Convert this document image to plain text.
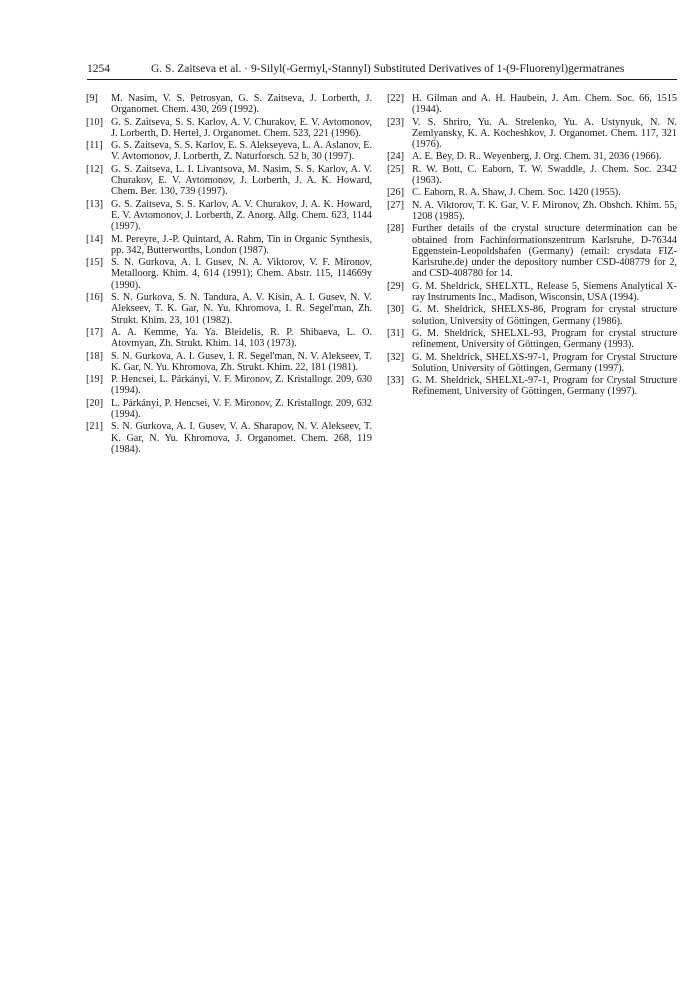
1254	G. S. Zaitseva et al. · 9-Silyl(-Germyl,-Stannyl) Substituted Derivatives of 1-(9-Fluorenyl)germatranes
[9] M. Nasim, V. S. Petrosyan, G. S. Zaitseva, J. Lorberth, J. Organomet. Chem. 430, 269 (1992).
[10] G. S. Zaitseva, S. S. Karlov, A. V. Churakov, E. V. Avtomonov, J. Lorberth, D. Hertel, J. Organomet. Chem. 523, 221 (1996).
[11] G. S. Zaitseva, S. S. Karlov, E. S. Alekseyeva, L. A. Aslanov, E. V. Avtomonov, J. Lorberth, Z. Naturforsch. 52 b, 30 (1997).
[12] G. S. Zaitseva, L. I. Livantsova, M. Nasim, S. S. Karlov, A. V. Churakov, E. V. Avtomonov, J. Lorberth, J. A. K. Howard, Chem. Ber. 130, 739 (1997).
[13] G. S. Zaitseva, S. S. Karlov, A. V. Churakov, J. A. K. Howard, E. V. Avtomonov, J. Lorberth, Z. Anorg. Allg. Chem. 623, 1144 (1997).
[14] M. Pereyre, J.-P. Quintard, A. Rahm, Tin in Organic Synthesis, pp. 342, Butterworths, London (1987).
[15] S. N. Gurkova, A. I. Gusev, N. A. Viktorov, V. F. Mironov, Metalloorg. Khim. 4, 614 (1991); Chem. Abstr. 115, 114669y (1990).
[16] S. N. Gurkova, S. N. Tandura, A. V. Kisin, A. I. Gusev, N. V. Alekseev, T. K. Gar, N. Yu. Khromova, I. R. Segel'man, Zh. Strukt. Khim. 23, 101 (1982).
[17] A. A. Kemme, Ya. Ya. Bleidelis, R. P. Shibaeva, L. O. Atovmyan, Zh. Strukt. Khim. 14, 103 (1973).
[18] S. N. Gurkova, A. I. Gusev, I. R. Segel'man, N. V. Alekseev, T. K. Gar, N. Yu. Khromova, Zh. Strukt. Khim. 22, 181 (1981).
[19] P. Hencsei, L. Párkányi, V. F. Mironov, Z. Kristallogr. 209, 630 (1994).
[20] L. Párkányi, P. Hencsei, V. F. Mironov, Z. Kristallogr. 209, 632 (1994).
[21] S. N. Gurkova, A. I. Gusev, V. A. Sharapov, N. V. Alekseev, T. K. Gar, N. Yu. Khromova, J. Organomet. Chem. 268, 119 (1984).
[22] H. Gilman and A. H. Haubein, J. Am. Chem. Soc. 66, 1515 (1944).
[23] V. S. Shriro, Yu. A. Strelenko, Yu. A. Ustynyuk, N. N. Zemlyansky, K. A. Kocheshkov, J. Organomet. Chem. 117, 321 (1976).
[24] A. E. Bey, D. R.. Weyenberg, J. Org. Chem. 31, 2036 (1966).
[25] R. W. Bott, C. Eaborn, T. W. Swaddle, J. Chem. Soc. 2342 (1963).
[26] C. Eaborn, R. A. Shaw, J. Chem. Soc. 1420 (1955).
[27] N. A. Viktorov, T. K. Gar, V. F. Mironov, Zh. Obshch. Khim. 55, 1208 (1985).
[28] Further details of the crystal structure determination can be obtained from Fachinformationszentrum Karlsruhe, D-76344 Eggenstein-Leopoldshafen (Germany) (email: crysdata FIZ-Karlsruhe.de) under the depository number CSD-408779 for 2, and CSD-408780 for 14.
[29] G. M. Sheldrick, SHELXTL, Release 5, Siemens Analytical X-ray Instruments Inc., Madison, Wisconsin, USA (1994).
[30] G. M. Sheldrick, SHELXS-86, Program for crystal structure solution, University of Göttingen, Germany (1986).
[31] G. M. Sheldrick, SHELXL-93, Program for crystal structure refinement, University of Göttingen, Germany (1993).
[32] G. M. Sheldrick, SHELXS-97-1, Program for Crystal Structure Solution, University of Göttingen, Germany (1997).
[33] G. M. Sheldrick, SHELXL-97-1, Program for Crystal Structure Refinement, University of Göttingen, Germany (1997).
